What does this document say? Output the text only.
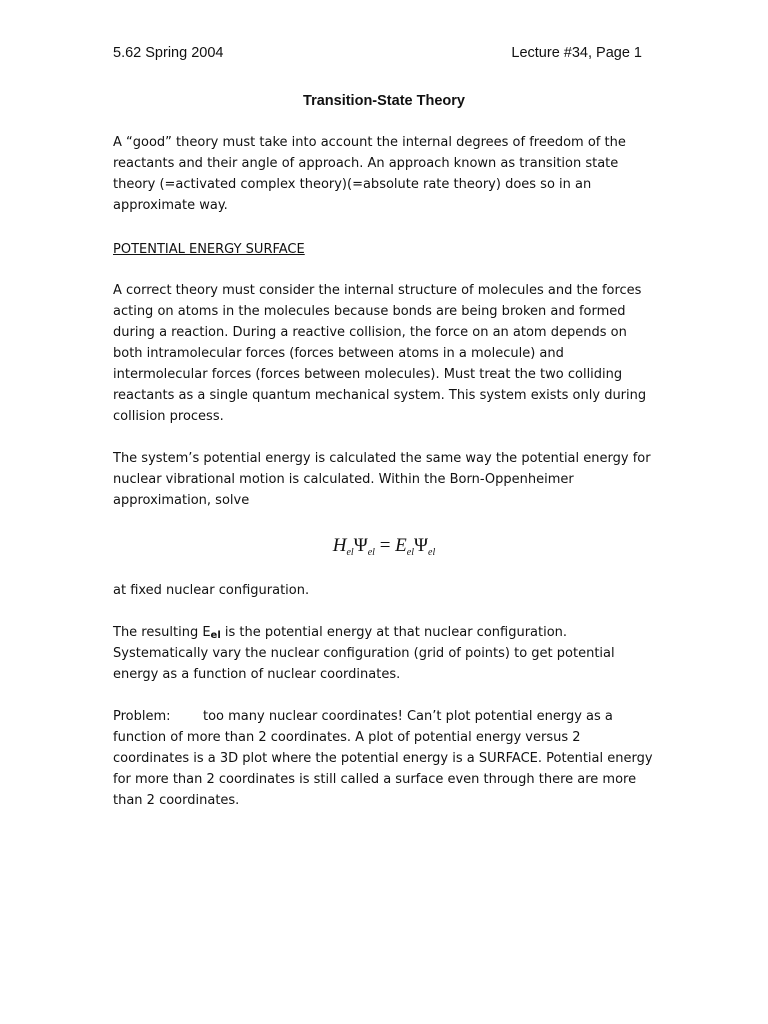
5.62 Spring 2004	Lecture #34, Page 1
Transition-State Theory

A “good” theory must take into account the internal degrees of freedom of the reactants and their angle of approach. An approach known as transition state theory (=activated complex theory)(=absolute rate theory) does so in an approximate way.

POTENTIAL ENERGY SURFACE

A correct theory must consider the internal structure of molecules and the forces acting on atoms in the molecules because bonds are being broken and formed during a reaction. During a reactive collision, the force on an atom depends on both intramolecular forces (forces between atoms in a molecule) and intermolecular forces (forces between molecules). Must treat the two colliding reactants as a single quantum mechanical system. This system exists only during collision process.

The system’s potential energy is calculated the same way the potential energy for nuclear vibrational motion is calculated. Within the Born-Oppenheimer approximation, solve

$H_{el}\Psi_{el} = E_{el}\Psi_{el}$

at fixed nuclear configuration.

The resulting $E_{el}$ is the potential energy at that nuclear configuration. Systematically vary the nuclear configuration (grid of points) to get potential energy as a function of nuclear coordinates.

Problem: too many nuclear coordinates! Can’t plot potential energy as a function of more than 2 coordinates. A plot of potential energy versus 2 coordinates is a 3D plot where the potential energy is a SURFACE. Potential energy for more than 2 coordinates is still called a surface even through there are more than 2 coordinates.
